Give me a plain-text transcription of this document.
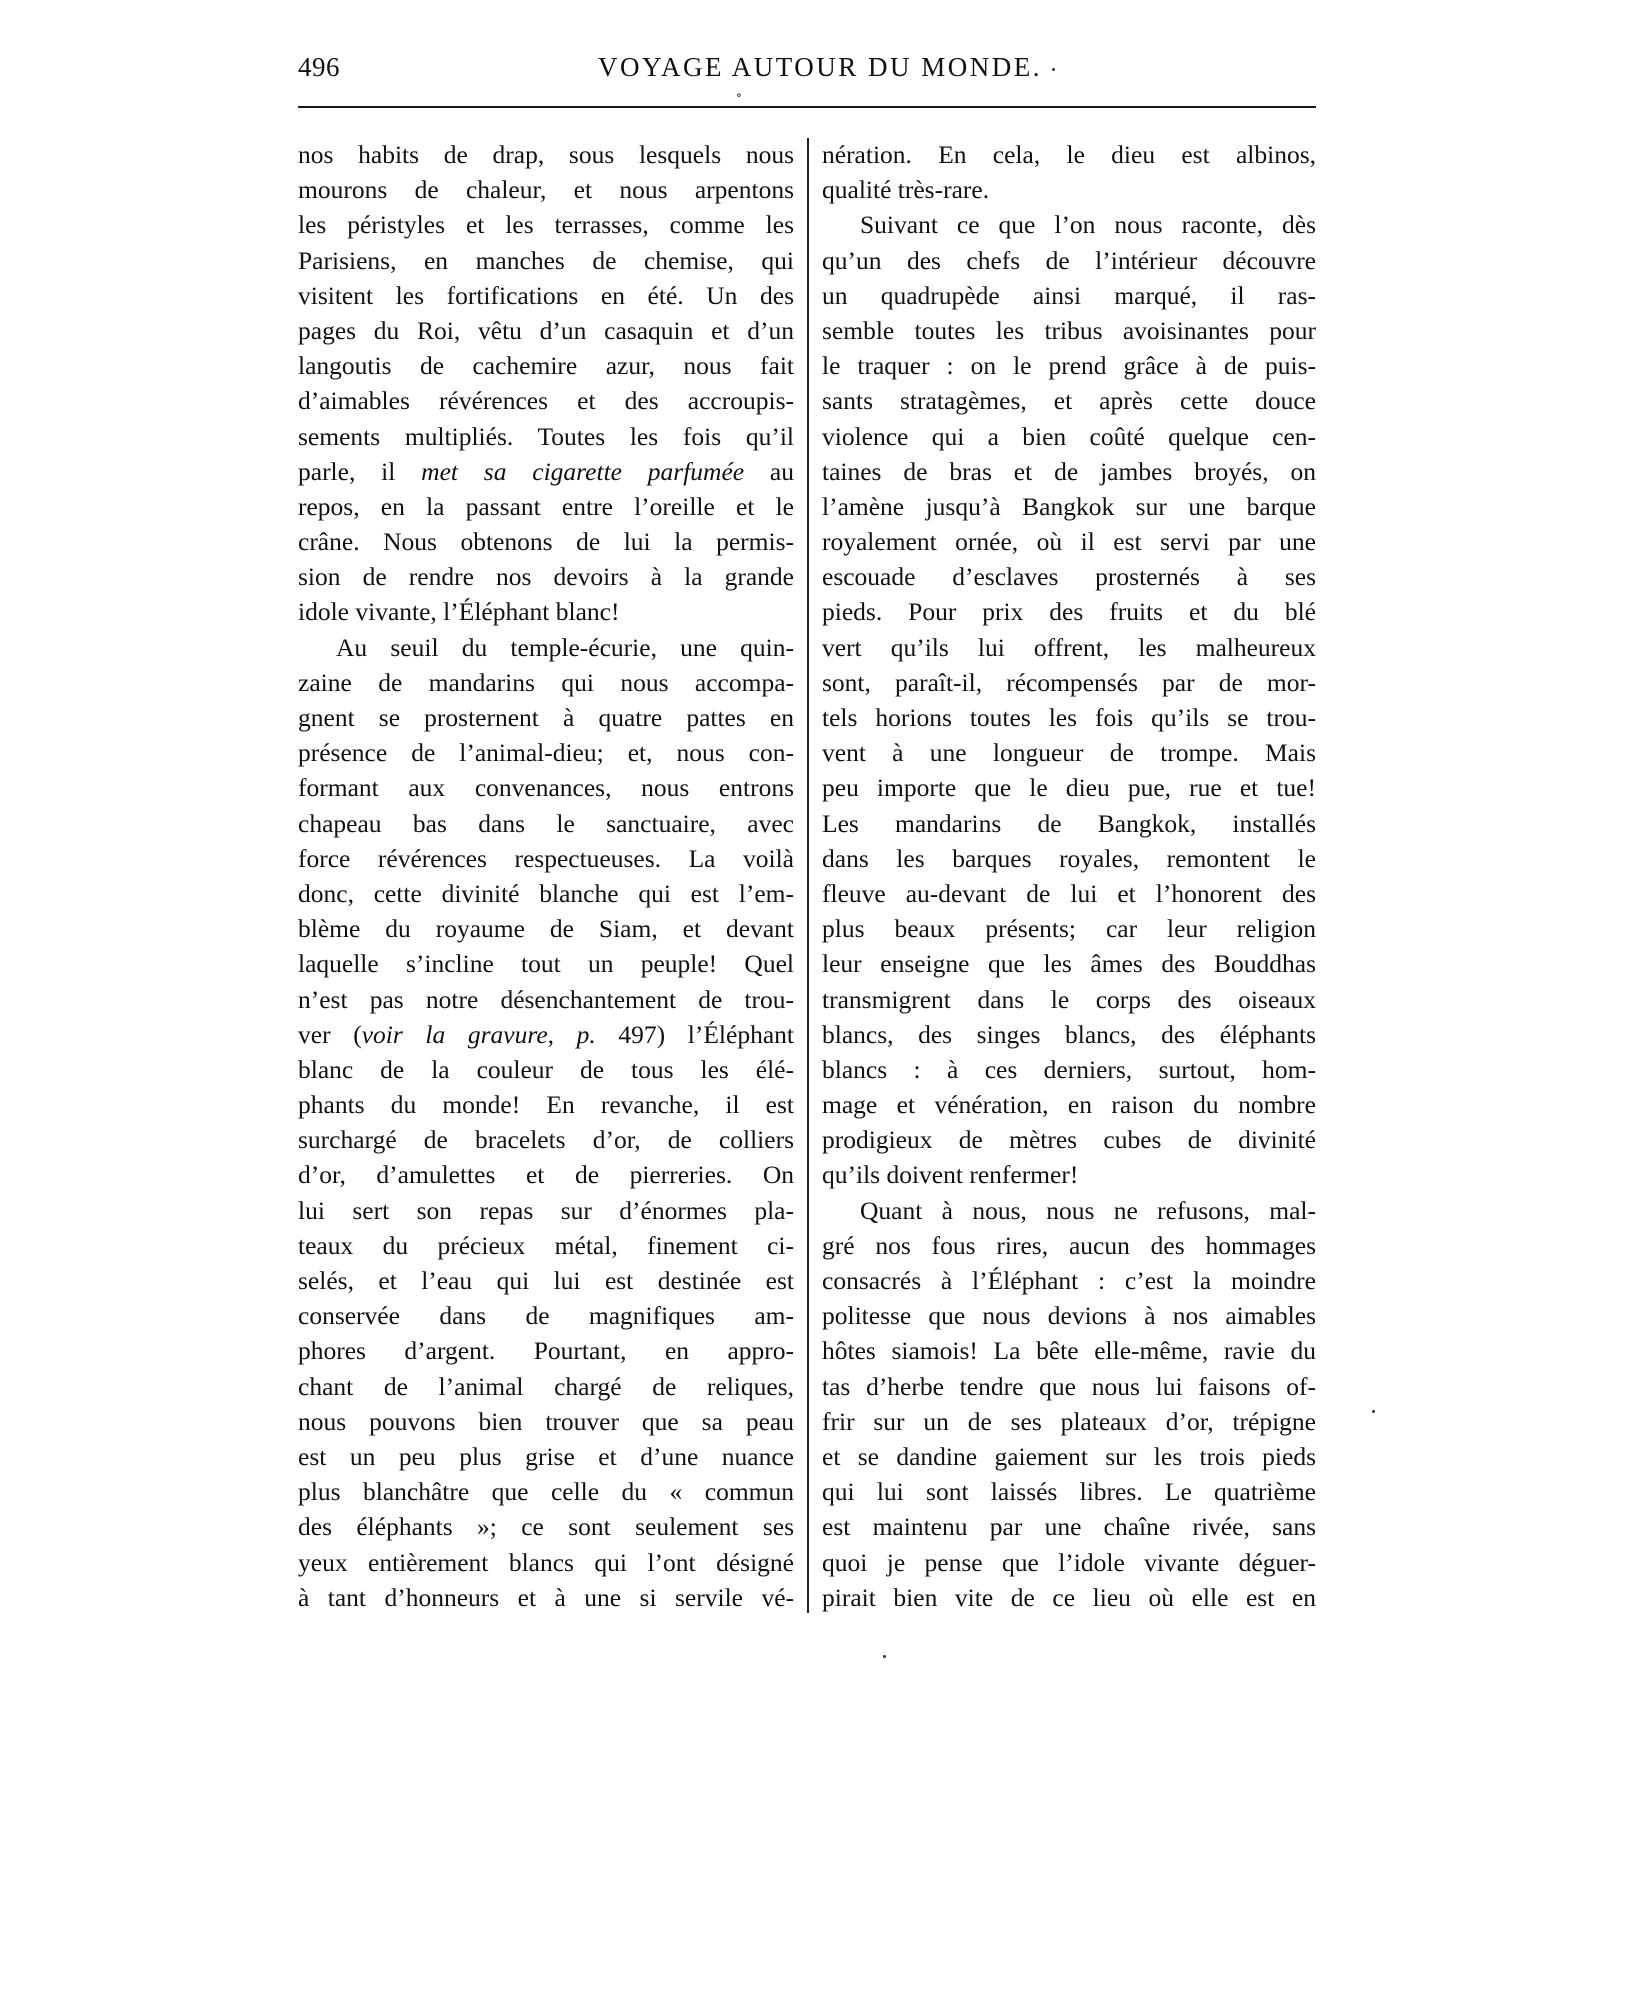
496	VOYAGE AUTOUR DU MONDE.
∘
nos habits de drap, sous lesquels nous
mourons de chaleur, et nous arpentons
les péristyles et les terrasses, comme les
Parisiens, en manches de chemise, qui
visitent les fortifications en été. Un des
pages du Roi, vêtu d’un casaquin et d’un
langoutis de cachemire azur, nous fait
d’aimables révérences et des accroupis-
sements multipliés. Toutes les fois qu’il
parle, il met sa cigarette parfumée au
repos, en la passant entre l’oreille et le
crâne. Nous obtenons de lui la permis-
sion de rendre nos devoirs à la grande
idole vivante, l’Éléphant blanc!
Au seuil du temple-écurie, une quin-
zaine de mandarins qui nous accompa-
gnent se prosternent à quatre pattes en
présence de l’animal-dieu; et, nous con-
formant aux convenances, nous entrons
chapeau bas dans le sanctuaire, avec
force révérences respectueuses. La voilà
donc, cette divinité blanche qui est l’em-
blème du royaume de Siam, et devant
laquelle s’incline tout un peuple! Quel
n’est pas notre désenchantement de trou-
ver (voir la gravure, p. 497) l’Éléphant
blanc de la couleur de tous les élé-
phants du monde! En revanche, il est
surchargé de bracelets d’or, de colliers
d’or, d’amulettes et de pierreries. On
lui sert son repas sur d’énormes pla-
teaux du précieux métal, finement ci-
selés, et l’eau qui lui est destinée est
conservée dans de magnifiques am-
phores d’argent. Pourtant, en appro-
chant de l’animal chargé de reliques,
nous pouvons bien trouver que sa peau
est un peu plus grise et d’une nuance
plus blanchâtre que celle du « commun
des éléphants »; ce sont seulement ses
yeux entièrement blancs qui l’ont désigné
à tant d’honneurs et à une si servile vé-
nération. En cela, le dieu est albinos,
qualité très-rare.
Suivant ce que l’on nous raconte, dès
qu’un des chefs de l’intérieur découvre
un quadrupède ainsi marqué, il ras-
semble toutes les tribus avoisinantes pour
le traquer : on le prend grâce à de puis-
sants stratagèmes, et après cette douce
violence qui a bien coûté quelque cen-
taines de bras et de jambes broyés, on
l’amène jusqu’à Bangkok sur une barque
royalement ornée, où il est servi par une
escouade d’esclaves prosternés à ses
pieds. Pour prix des fruits et du blé
vert qu’ils lui offrent, les malheureux
sont, paraît-il, récompensés par de mor-
tels horions toutes les fois qu’ils se trou-
vent à une longueur de trompe. Mais
peu importe que le dieu pue, rue et tue!
Les mandarins de Bangkok, installés
dans les barques royales, remontent le
fleuve au-devant de lui et l’honorent des
plus beaux présents; car leur religion
leur enseigne que les âmes des Bouddhas
transmigrent dans le corps des oiseaux
blancs, des singes blancs, des éléphants
blancs : à ces derniers, surtout, hom-
mage et vénération, en raison du nombre
prodigieux de mètres cubes de divinité
qu’ils doivent renfermer!
Quant à nous, nous ne refusons, mal-
gré nos fous rires, aucun des hommages
consacrés à l’Éléphant : c’est la moindre
politesse que nous devions à nos aimables
hôtes siamois! La bête elle-même, ravie du
tas d’herbe tendre que nous lui faisons of-
frir sur un de ses plateaux d’or, trépigne
et se dandine gaiement sur les trois pieds
qui lui sont laissés libres. Le quatrième
est maintenu par une chaîne rivée, sans
quoi je pense que l’idole vivante déguer-
pirait bien vite de ce lieu où elle est en
